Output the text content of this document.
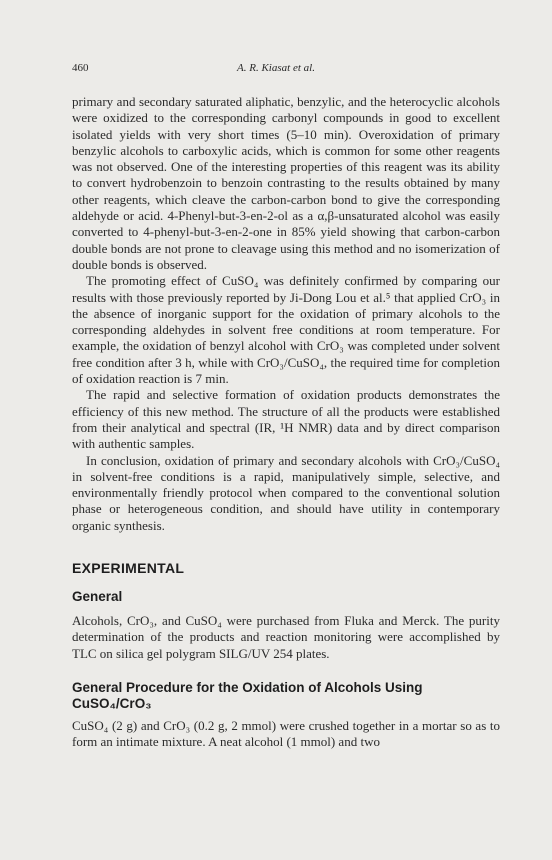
460	A. R. Kiasat et al.

primary and secondary saturated aliphatic, benzylic, and the heterocyclic alcohols were oxidized to the corresponding carbonyl compounds in good to excellent isolated yields with very short times (5–10 min). Overoxidation of primary benzylic alcohols to carboxylic acids, which is common for some other reagents was not observed. One of the interesting properties of this reagent was its ability to convert hydrobenzoin to benzoin contrasting to the results obtained by many other reagents, which cleave the carbon-carbon bond to give the corresponding aldehyde or acid. 4-Phenyl-but-3-en-2-ol as a α,β-unsaturated alcohol was easily converted to 4-phenyl-but-3-en-2-one in 85% yield showing that carbon-carbon double bonds are not prone to cleavage using this method and no isomerization of double bonds is observed.

The promoting effect of CuSO₄ was definitely confirmed by comparing our results with those previously reported by Ji-Dong Lou et al.⁵ that applied CrO₃ in the absence of inorganic support for the oxidation of primary alcohols to the corresponding aldehydes in solvent free conditions at room temperature. For example, the oxidation of benzyl alcohol with CrO₃ was completed under solvent free condition after 3 h, while with CrO₃/CuSO₄, the required time for completion of oxidation reaction is 7 min.

The rapid and selective formation of oxidation products demonstrates the efficiency of this new method. The structure of all the products were established from their analytical and spectral (IR, ¹H NMR) data and by direct comparison with authentic samples.

In conclusion, oxidation of primary and secondary alcohols with CrO₃/CuSO₄ in solvent-free conditions is a rapid, manipulatively simple, selective, and environmentally friendly protocol when compared to the conventional solution phase or heterogeneous condition, and should have utility in contemporary organic synthesis.

EXPERIMENTAL
General

Alcohols, CrO₃, and CuSO₄ were purchased from Fluka and Merck. The purity determination of the products and reaction monitoring were accomplished by TLC on silica gel polygram SILG/UV 254 plates.

General Procedure for the Oxidation of Alcohols Using CuSO₄/CrO₃

CuSO₄ (2 g) and CrO₃ (0.2 g, 2 mmol) were crushed together in a mortar so as to form an intimate mixture. A neat alcohol (1 mmol) and two
